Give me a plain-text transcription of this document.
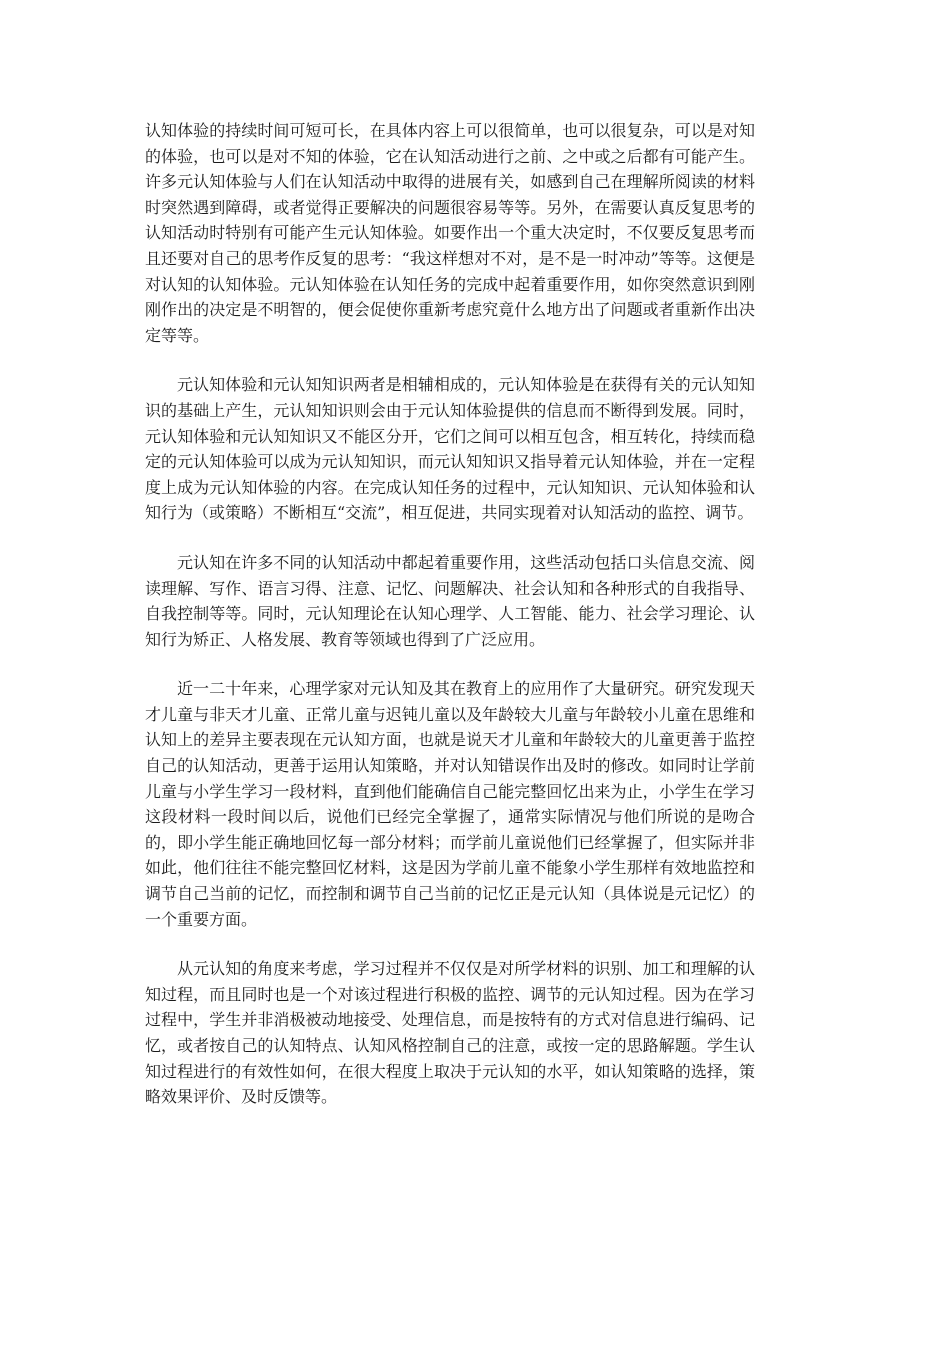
认知体验的持续时间可短可长，在具体内容上可以很简单，也可以很复杂，可以是对知的体验，也可以是对不知的体验，它在认知活动进行之前、之中或之后都有可能产生。许多元认知体验与人们在认知活动中取得的进展有关，如感到自己在理解所阅读的材料时突然遇到障碍，或者觉得正要解决的问题很容易等等。另外，在需要认真反复思考的认知活动时特别有可能产生元认知体验。如要作出一个重大决定时，不仅要反复思考而且还要对自己的思考作反复的思考：“我这样想对不对，是不是一时冲动”等等。这便是对认知的认知体验。元认知体验在认知任务的完成中起着重要作用，如你突然意识到刚刚作出的决定是不明智的，便会促使你重新考虑究竟什么地方出了问题或者重新作出决定等等。

元认知体验和元认知知识两者是相辅相成的，元认知体验是在获得有关的元认知知识的基础上产生，元认知知识则会由于元认知体验提供的信息而不断得到发展。同时，元认知体验和元认知知识又不能区分开，它们之间可以相互包含，相互转化，持续而稳定的元认知体验可以成为元认知知识，而元认知知识又指导着元认知体验，并在一定程度上成为元认知体验的内容。在完成认知任务的过程中，元认知知识、元认知体验和认知行为（或策略）不断相互“交流”，相互促进，共同实现着对认知活动的监控、调节。

元认知在许多不同的认知活动中都起着重要作用，这些活动包括口头信息交流、阅读理解、写作、语言习得、注意、记忆、问题解决、社会认知和各种形式的自我指导、自我控制等等。同时，元认知理论在认知心理学、人工智能、能力、社会学习理论、认知行为矫正、人格发展、教育等领域也得到了广泛应用。

近一二十年来，心理学家对元认知及其在教育上的应用作了大量研究。研究发现天才儿童与非天才儿童、正常儿童与迟钝儿童以及年龄较大儿童与年龄较小儿童在思维和认知上的差异主要表现在元认知方面，也就是说天才儿童和年龄较大的儿童更善于监控自己的认知活动，更善于运用认知策略，并对认知错误作出及时的修改。如同时让学前儿童与小学生学习一段材料，直到他们能确信自己能完整回忆出来为止，小学生在学习这段材料一段时间以后，说他们已经完全掌握了，通常实际情况与他们所说的是吻合的，即小学生能正确地回忆每一部分材料；而学前儿童说他们已经掌握了，但实际并非如此，他们往往不能完整回忆材料，这是因为学前儿童不能象小学生那样有效地监控和调节自己当前的记忆，而控制和调节自己当前的记忆正是元认知（具体说是元记忆）的一个重要方面。

从元认知的角度来考虑，学习过程并不仅仅是对所学材料的识别、加工和理解的认知过程，而且同时也是一个对该过程进行积极的监控、调节的元认知过程。因为在学习过程中，学生并非消极被动地接受、处理信息，而是按特有的方式对信息进行编码、记忆，或者按自己的认知特点、认知风格控制自己的注意，或按一定的思路解题。学生认知过程进行的有效性如何，在很大程度上取决于元认知的水平，如认知策略的选择，策略效果评价、及时反馈等。
